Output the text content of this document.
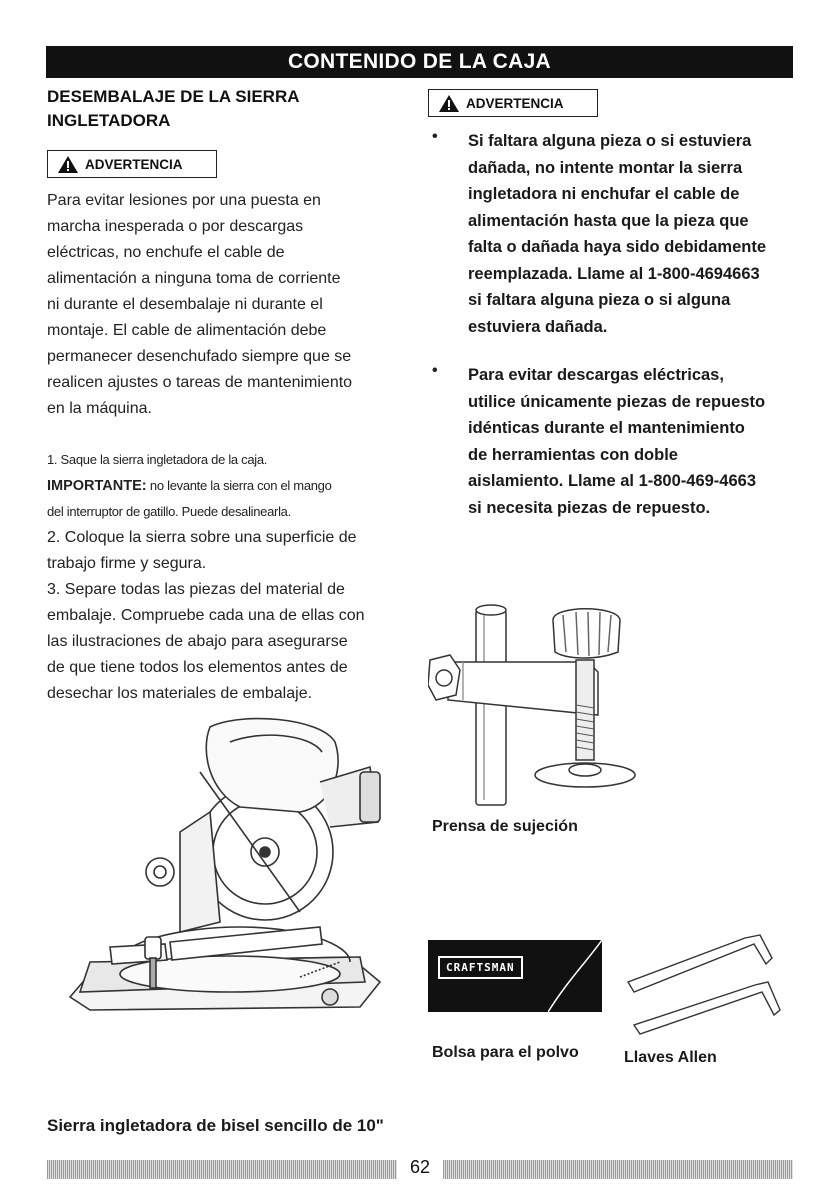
CONTENIDO DE LA CAJA
DESEMBALAJE DE LA SIERRA INGLETADORA
ADVERTENCIA
Para evitar lesiones por una puesta en
marcha inesperada o por descargas
eléctricas, no enchufe el cable de
alimentación a ninguna toma de corriente
ni durante el desembalaje ni durante el
montaje. El cable de alimentación debe
permanecer desenchufado siempre que se
realicen ajustes o tareas de mantenimiento
en la máquina.
1. Saque la sierra ingletadora de la caja.
IMPORTANTE: no levante la sierra con el mango
del interruptor de gatillo. Puede desalinearla.
2. Coloque la sierra sobre una superficie de
trabajo firme y segura.
3. Separe todas las piezas del material de
embalaje. Compruebe cada una de ellas con
las ilustraciones de abajo para asegurarse
de que tiene todos los elementos antes de
desechar los materiales de embalaje.
Sierra ingletadora de bisel sencillo de 10"
ADVERTENCIA
• Si faltara alguna pieza o si estuviera
dañada, no intente montar la sierra
ingletadora ni enchufar el cable de
alimentación hasta que la pieza que
falta o dañada haya sido debidamente
reemplazada. Llame al 1-800-4694663
si faltara alguna pieza o si alguna
estuviera dañada.
• Para evitar descargas eléctricas,
utilice únicamente piezas de repuesto
idénticas durante el mantenimiento
de herramientas con doble
aislamiento. Llame al 1-800-469-4663
si necesita piezas de repuesto.
Prensa de sujeción
CRAFTSMAN
Bolsa para el polvo	Llaves Allen
62
